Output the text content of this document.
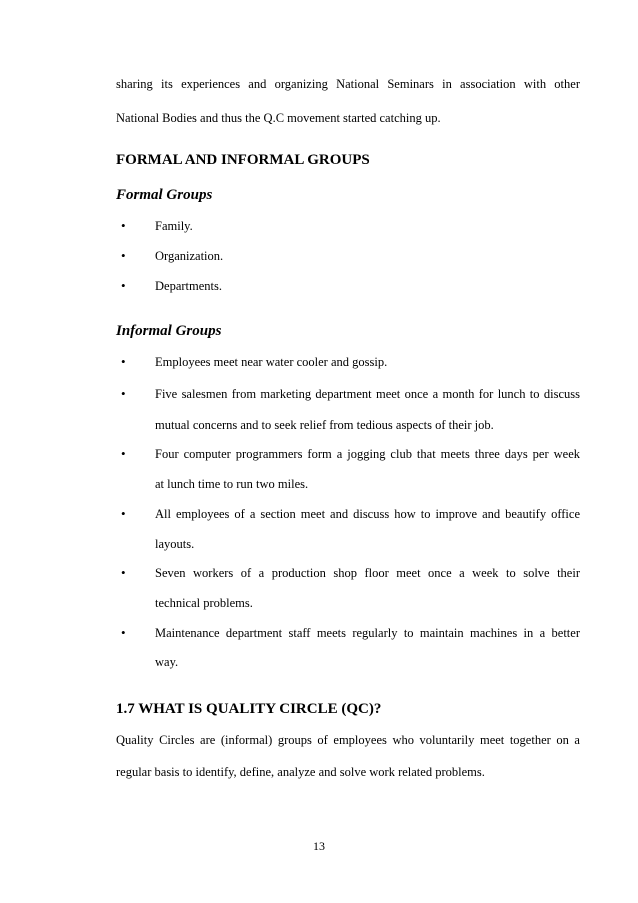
sharing its experiences and organizing National Seminars in association with other
National Bodies and thus the Q.C movement started catching up.
FORMAL AND INFORMAL GROUPS
Formal Groups
• Family.
• Organization.
• Departments.
Informal Groups
• Employees meet near water cooler and gossip.
• Five salesmen from marketing department meet once a month for lunch to discuss
mutual concerns and to seek relief from tedious aspects of their job.
• Four computer programmers form a jogging club that meets three days per week
at lunch time to run two miles.
• All employees of a section meet and discuss how to improve and beautify office
layouts.
• Seven workers of a production shop floor meet once a week to solve their
technical problems.
• Maintenance department staff meets regularly to maintain machines in a better
way.
1.7 WHAT IS QUALITY CIRCLE (QC)?
Quality Circles are (informal) groups of employees who voluntarily meet together on a
regular basis to identify, define, analyze and solve work related problems.
13
